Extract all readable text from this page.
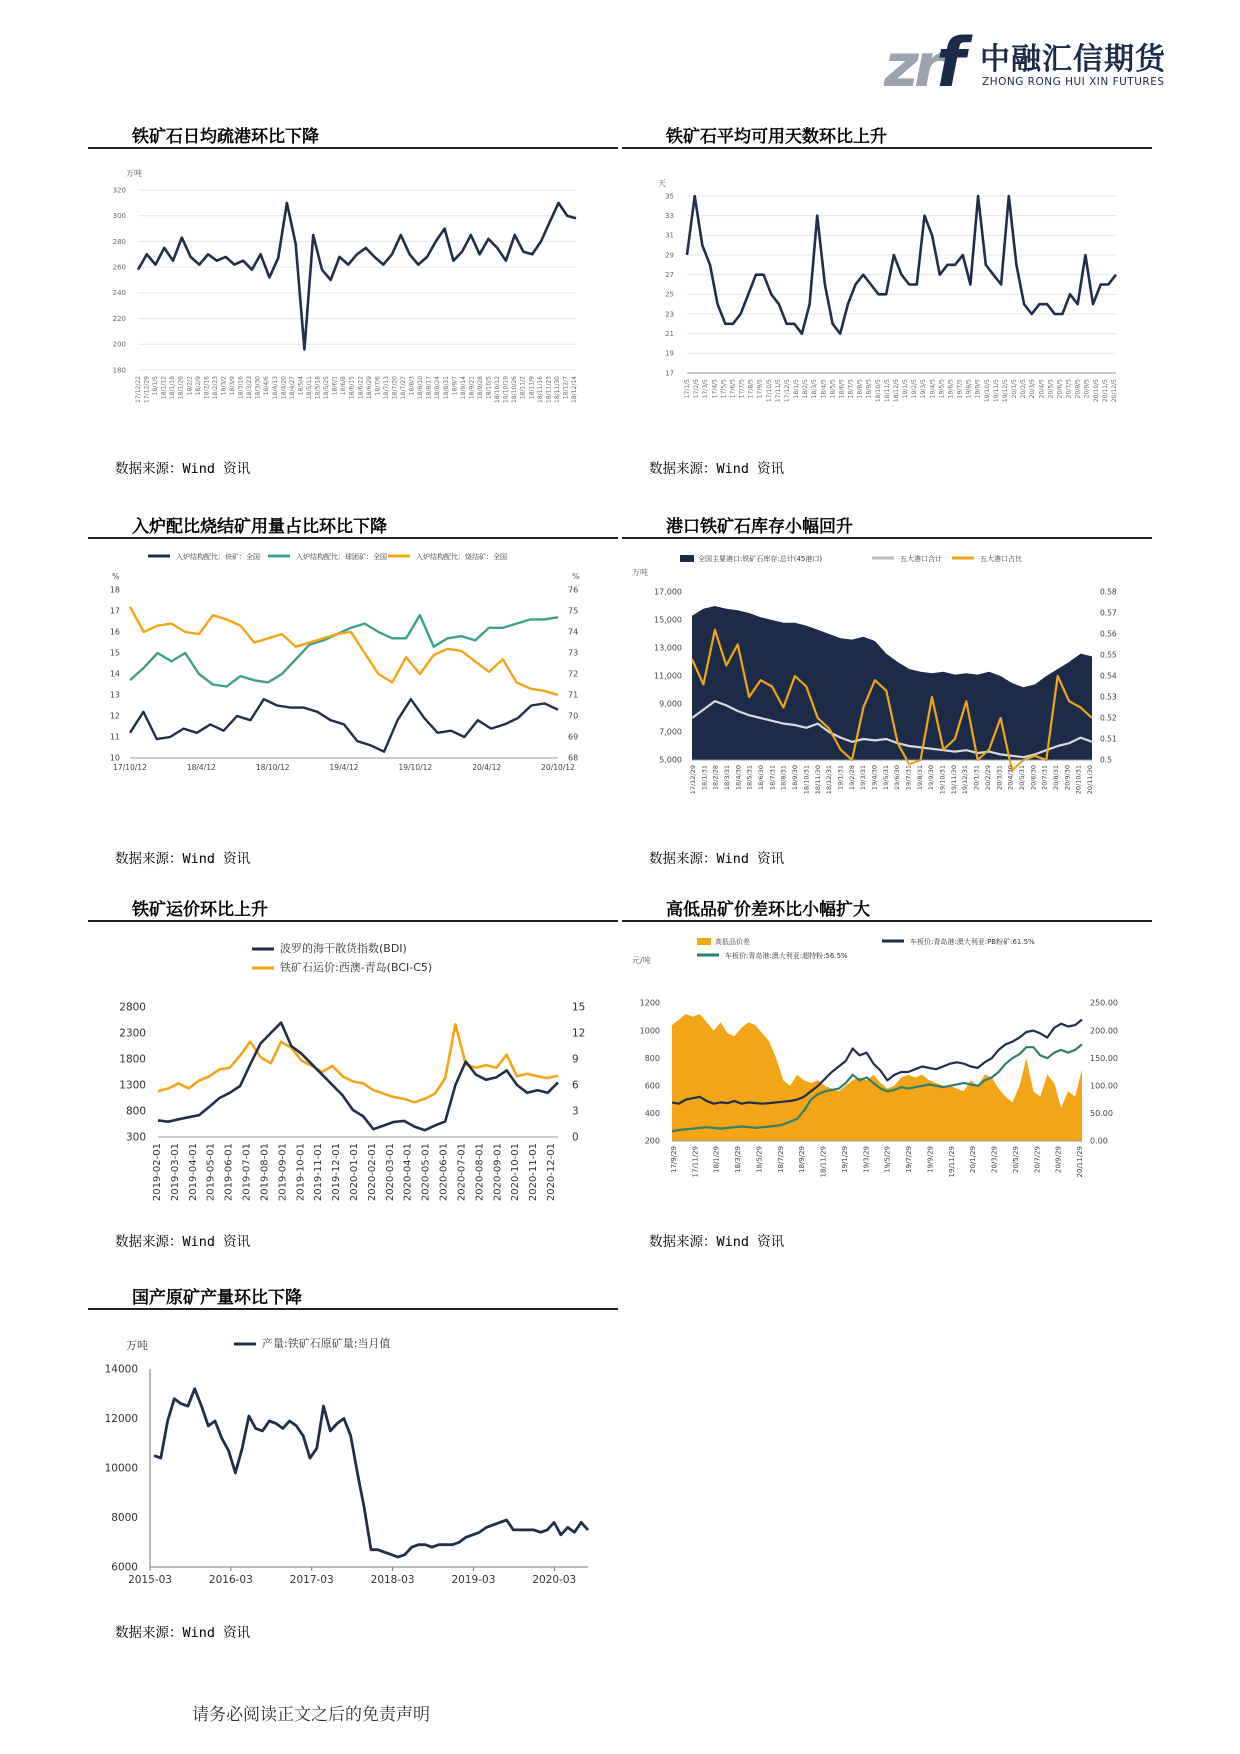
z
r
f 中融汇信期货
ZHONG RONG HUI XIN FUTURES
铁矿石日均疏港环比下降
万吨
180
200
220
240
260
280
300
320
17/12/22 17/12/29 18/1/5 18/1/12 18/1/19 18/1/26 18/2/2 18/2/9 18/2/16 18/2/23 18/3/2 18/3/9 18/3/16 18/3/23 18/3/30 18/4/6 18/4/13 18/4/20 18/4/27 18/5/4 18/5/11 18/5/18 18/5/25 18/6/1 18/6/8 18/6/15 18/6/22 18/6/29 18/7/6 18/7/13 18/7/20 18/7/27 18/8/3 18/8/10 18/8/17 18/8/24 18/8/31 18/9/7 18/9/14 18/9/21 18/9/28 18/10/5 18/10/12 18/10/19 18/10/26 18/11/2 18/11/9 18/11/16 18/11/23 18/11/30 18/12/7 18/12/14
数据来源：Wind 资讯
铁矿石平均可用天数环比上升
天
17
19
21
23
25
27
29
31
33
35
17/1/5 17/2/5 17/3/5 17/4/5 17/5/5 17/6/5 17/7/5 17/8/5 17/9/5 17/10/5 17/11/5 17/12/5 18/1/5 18/2/5 18/3/5 18/4/5 18/5/5 18/6/5 18/7/5 18/8/5 18/9/5 18/10/5 18/11/5 18/12/5 19/1/5 19/2/5 19/3/5 19/4/5 19/5/5 19/6/5 19/7/5 19/8/5 19/9/5 19/10/5 19/11/5 19/12/5 20/1/5 20/2/5 20/3/5 20/4/5 20/5/5 20/6/5 20/7/5 20/8/5 20/9/5 20/10/5 20/11/5 20/12/5
数据来源：Wind 资讯
入炉配比烧结矿用量占比环比下降
入炉结构配比：块矿：全国	入炉结构配比：球团矿：全国	入炉结构配比：烧结矿：全国
%	%
10
11
12
13
14
15
16
17
18
68
69
70
71
72
73
74
75
76
17/10/12	18/4/12	18/10/12	19/4/12	19/10/12	20/4/12	20/10/12
数据来源：Wind 资讯
港口铁矿石库存小幅回升
全国主要港口:铁矿石库存:总计(45港口)	五大港口合计	五大港口占比
万吨
5,000
7,000
9,000
11,000
13,000
15,000
17,000
0.5
0.51
0.52
0.53
0.54
0.55
0.56
0.57
0.58
17/12/29 18/1/31 18/2/28 18/3/31 18/4/30 18/5/31 18/6/30 18/7/31 18/8/31 18/9/30 18/10/31 18/11/30 18/12/31 19/1/31 19/2/28 19/3/31 19/4/30 19/5/31 19/6/30 19/7/31 19/8/31 19/9/30 19/10/31 19/11/30 19/12/31 20/1/31 20/2/29 20/3/31 20/4/30 20/5/31 20/6/30 20/7/31 20/8/31 20/9/30 20/10/31 20/11/30
数据来源：Wind 资讯
铁矿运价环比上升
波罗的海干散货指数(BDI)
铁矿石运价:西澳-青岛(BCI-C5)
300
800
1300
1800
2300
2800
0
3
6
9
12
15
2019-02-01 2019-03-01 2019-04-01 2019-05-01 2019-06-01 2019-07-01 2019-08-01 2019-09-01 2019-10-01 2019-11-01 2019-12-01 2020-01-01 2020-02-01 2020-03-01 2020-04-01 2020-05-01 2020-06-01 2020-07-01 2020-08-01 2020-09-01 2020-10-01 2020-11-01 2020-12-01
数据来源：Wind 资讯
高低品矿价差环比小幅扩大
高低品价差	车板价:青岛港:澳大利亚:PB粉矿:61.5%
车板价:青岛港:澳大利亚:超特粉:56.5%
元/吨
200
400
600
800
1000
1200
0.00
50.00
100.00
150.00
200.00
250.00
17/9/29 17/11/29 18/1/29 18/3/29 18/5/29 18/7/29 18/9/29 18/11/29 19/1/29 19/3/29 19/5/29 19/7/29 19/9/29 19/11/29 20/1/29 20/3/29 20/5/29 20/7/29 20/9/29 20/11/29
数据来源：Wind 资讯
国产原矿产量环比下降
万吨	产量:铁矿石原矿量:当月值
6000
8000
10000
12000
14000
2015-03	2016-03	2017-03	2018-03	2019-03	2020-03
数据来源：Wind 资讯
请务必阅读正文之后的免责声明
